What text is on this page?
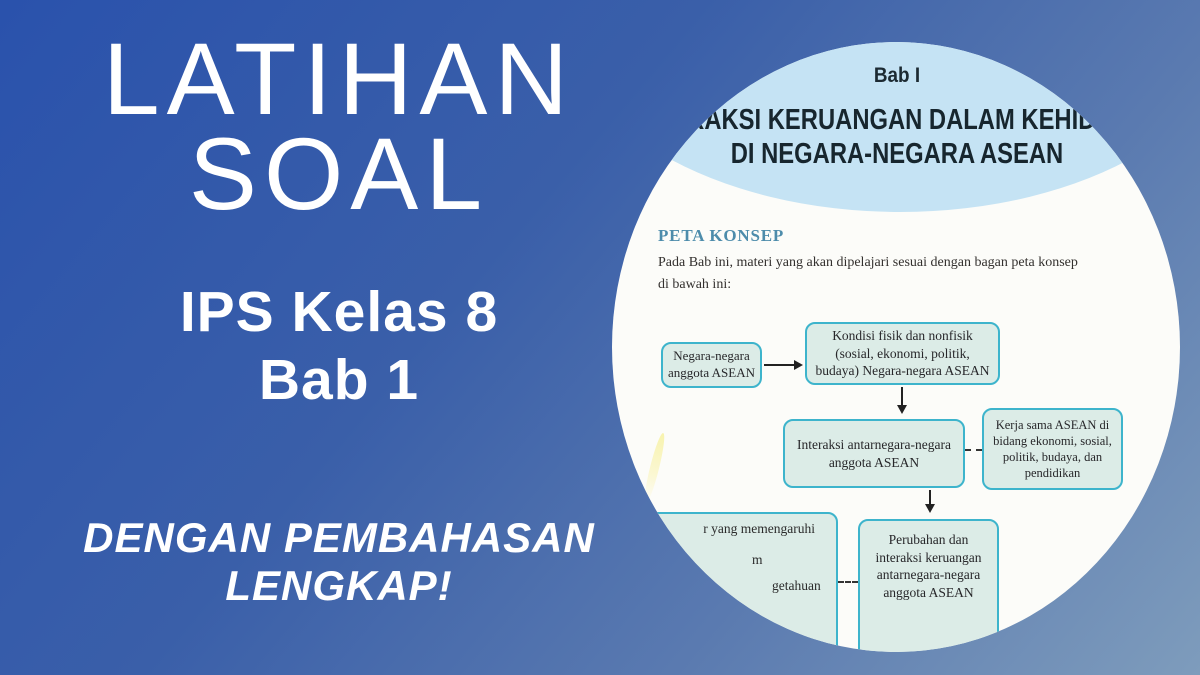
LATIHAN
SOAL
IPS Kelas 8
Bab 1
DENGAN PEMBAHASAN
LENGKAP!
Bab I
INTERAKSI KERUANGAN DALAM KEHIDUPAN
DI NEGARA-NEGARA ASEAN
PETA KONSEP
Pada Bab ini, materi yang akan dipelajari sesuai dengan bagan peta konsep
di bawah ini:
Negara-negara
anggota ASEAN
Kondisi fisik dan nonfisik
(sosial, ekonomi, politik,
budaya) Negara-negara ASEAN
Interaksi antarnegara-negara
anggota ASEAN
Kerja sama ASEAN di
bidang ekonomi, sosial,
politik, budaya, dan
pendidikan
r yang memengaruhi
m
getahuan
Perubahan dan
interaksi keruangan
antarnegara-negara
anggota ASEAN
